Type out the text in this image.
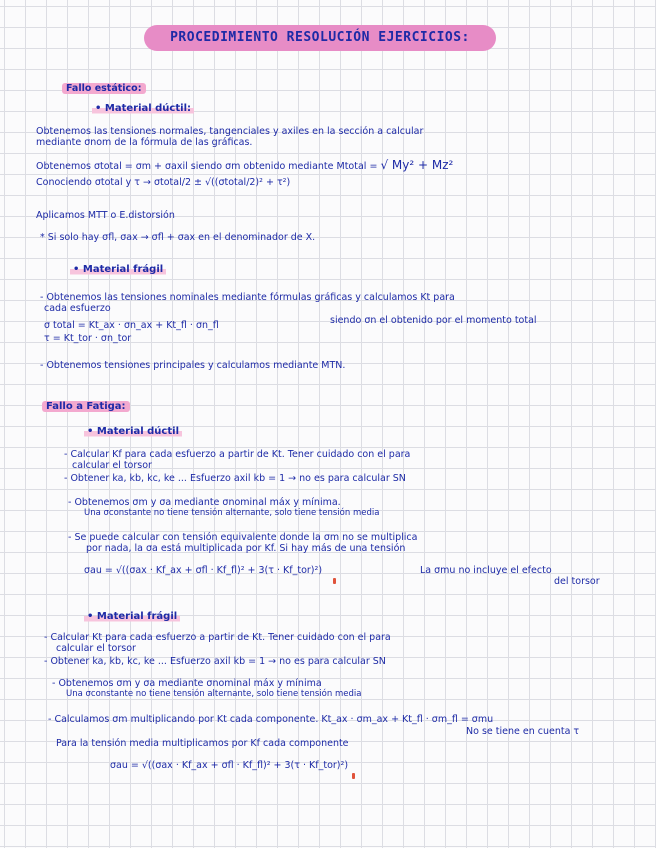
PROCEDIMIENTO RESOLUCIÓN EJERCICIOS:
Fallo estático:
• Material dúctil:
Obtenemos las tensiones normales, tangenciales y axiles en la sección a calcular
mediante σnom de la fórmula de las gráficas.
Obtenemos σtotal = σm + σaxil siendo σm obtenido mediante Mtotal = √ My² + Mz²
Conociendo σtotal y τ → σtotal/2 ± √((σtotal/2)² + τ²)
Aplicamos MTT o E.distorsión
* Si solo hay σfl, σax → σfl + σax en el denominador de X.
• Material frágil
- Obtenemos las tensiones nominales mediante fórmulas gráficas y calculamos Kt para
cada esfuerzo
σ total = Kt_ax · σn_ax + Kt_fl · σn_fl	siendo σn el obtenido por el momento total
τ = Kt_tor · σn_tor
- Obtenemos tensiones principales y calculamos mediante MTN.
Fallo a Fatiga:
• Material dúctil
- Calcular Kf para cada esfuerzo a partir de Kt. Tener cuidado con el para
calcular el torsor
- Obtener ka, kb, kc, ke ... Esfuerzo axil kb = 1 → no es para calcular SN
- Obtenemos σm y σa mediante σnominal máx y mínima.
Una σconstante no tiene tensión alternante, solo tiene tensión media
- Se puede calcular con tensión equivalente donde la σm no se multiplica
por nada, la σa está multiplicada por Kf. Si hay más de una tensión
σau = √((σax · Kf_ax + σfl · Kf_fl)² + 3(τ · Kf_tor)²)	La σmu no incluye el efecto
del torsor
• Material frágil
- Calcular Kt para cada esfuerzo a partir de Kt. Tener cuidado con el para
calcular el torsor
- Obtener ka, kb, kc, ke ... Esfuerzo axil kb = 1 → no es para calcular SN
- Obtenemos σm y σa mediante σnominal máx y mínima
Una σconstante no tiene tensión alternante, solo tiene tensión media
- Calculamos σm multiplicando por Kt cada componente. Kt_ax · σm_ax + Kt_fl · σm_fl = σmu
No se tiene en cuenta τ
Para la tensión media multiplicamos por Kf cada componente
σau = √((σax · Kf_ax + σfl · Kf_fl)² + 3(τ · Kf_tor)²)
